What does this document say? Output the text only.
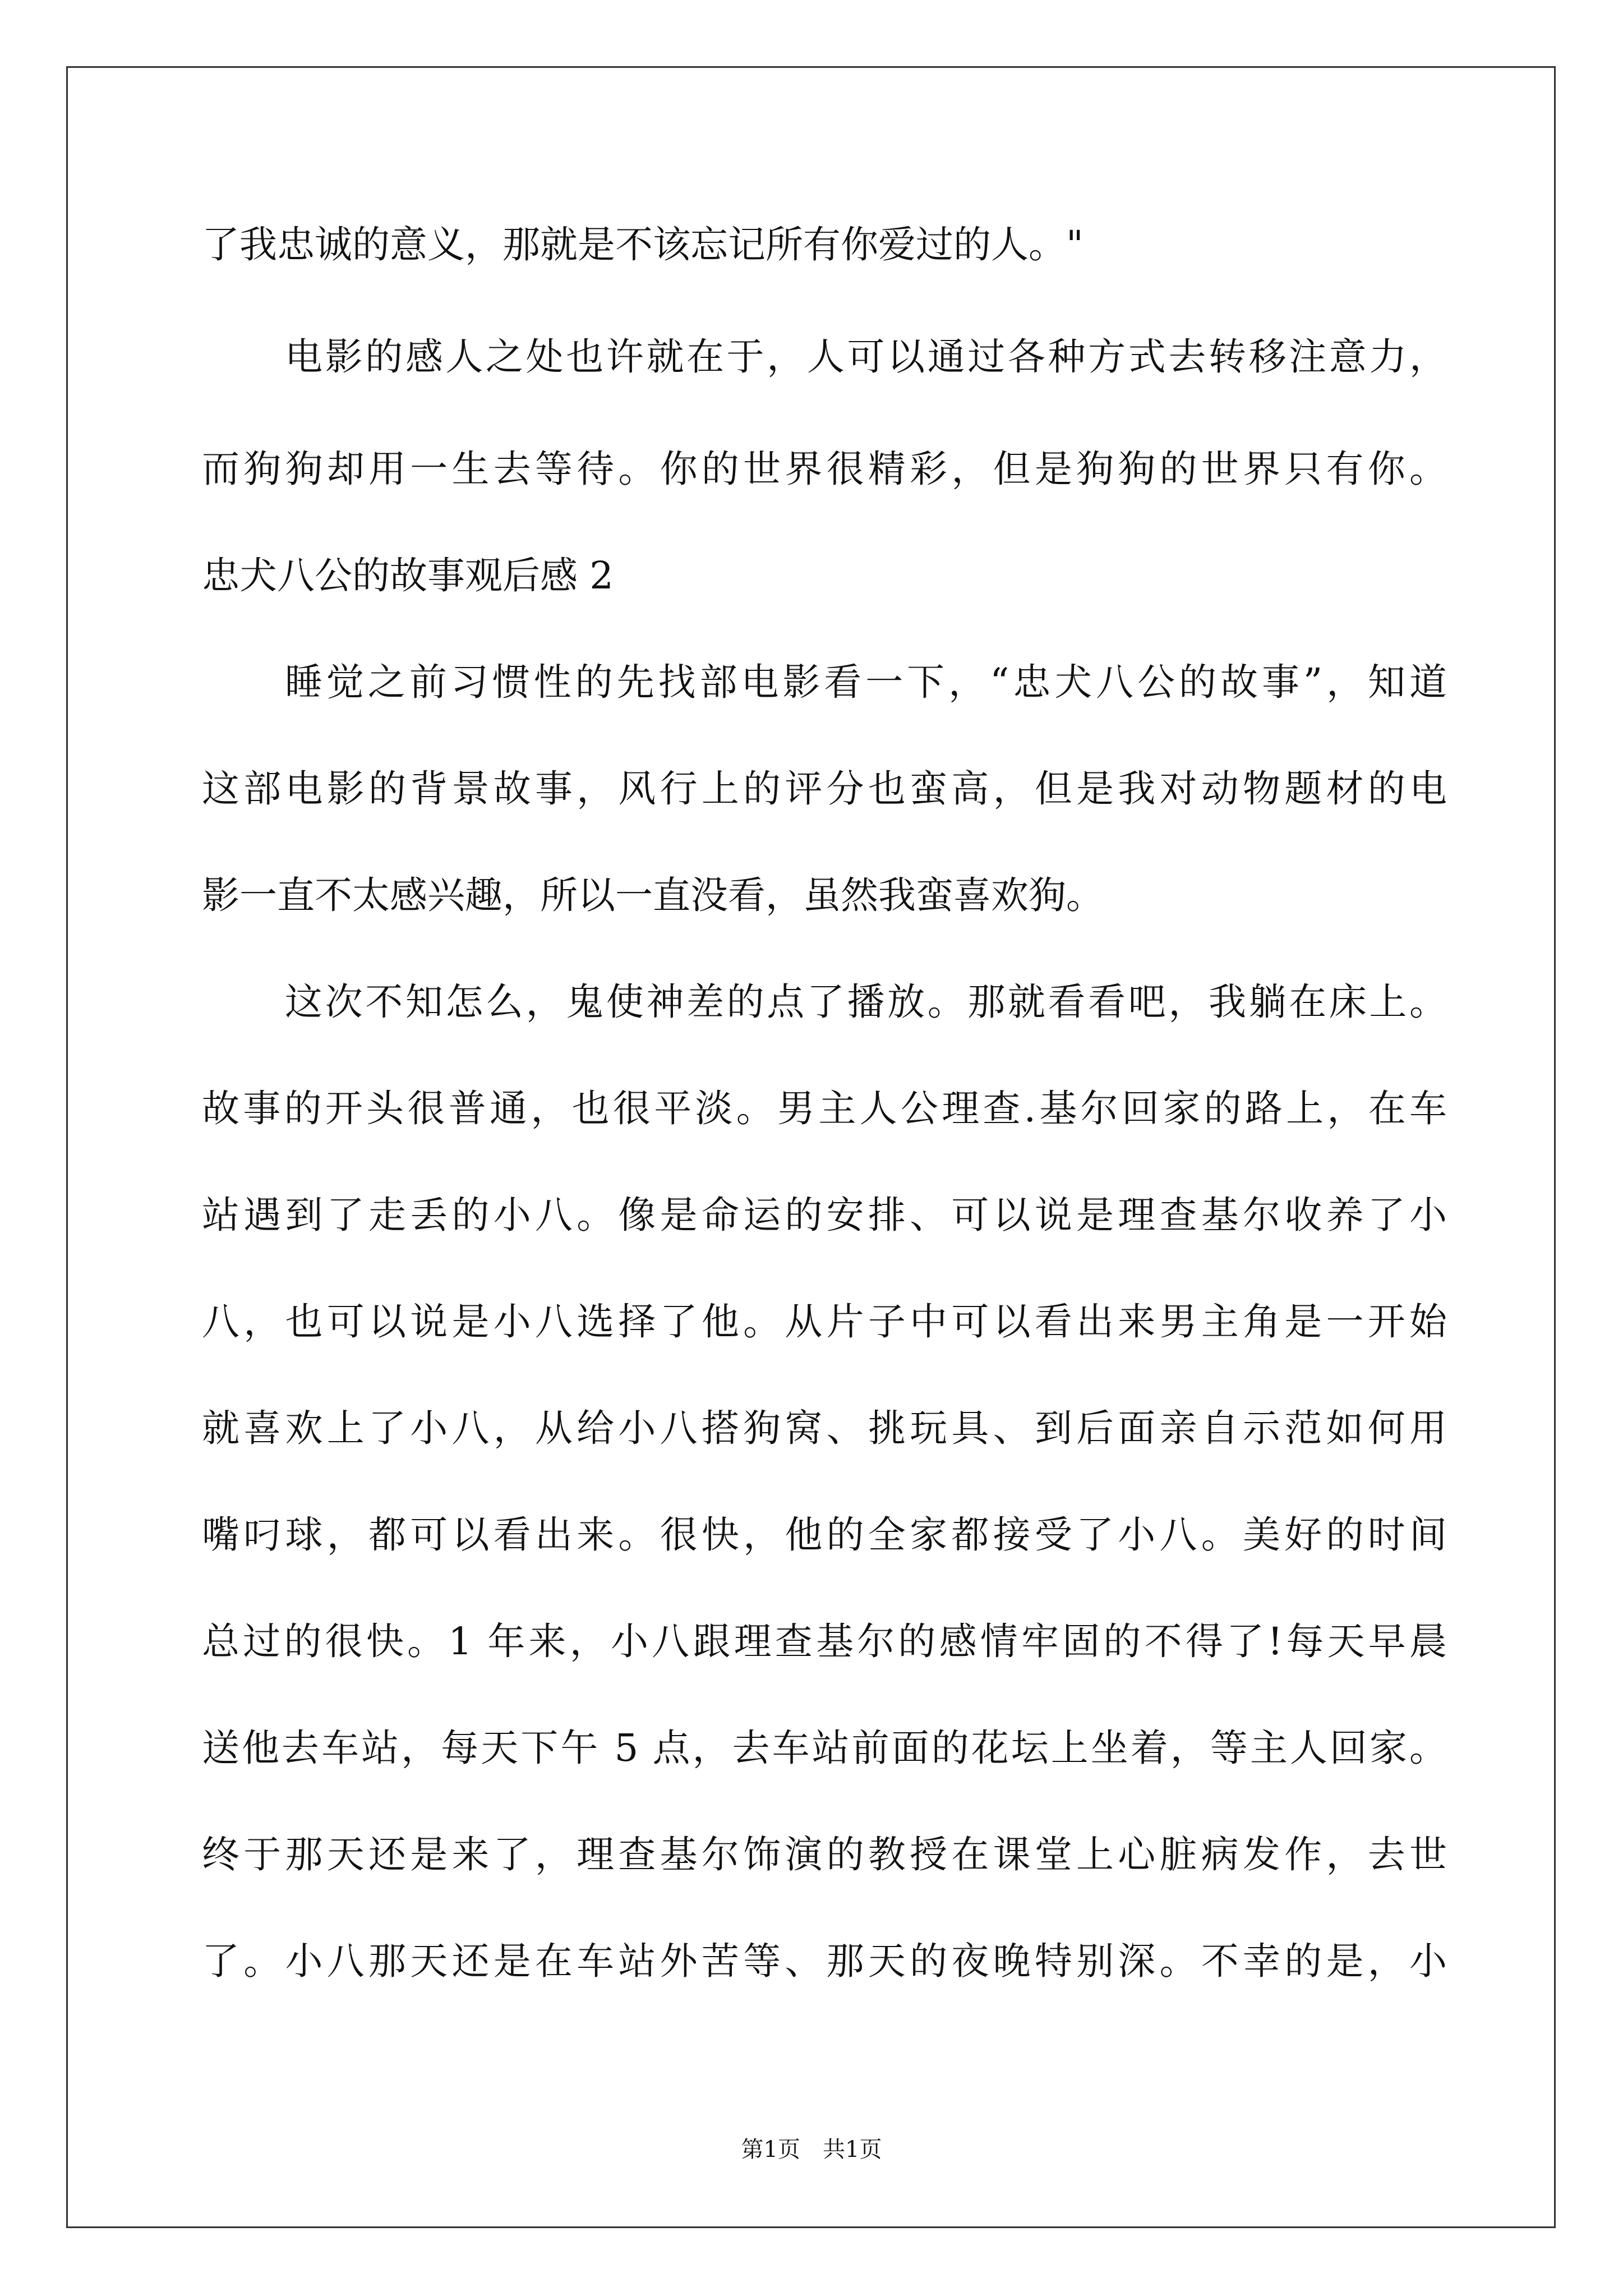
了我忠诚的意义，那就是不该忘记所有你爱过的人。"
电影的感人之处也许就在于，人可以通过各种方式去转移注意力，
而狗狗却用一生去等待。你的世界很精彩，但是狗狗的世界只有你。
忠犬八公的故事观后感 2
睡觉之前习惯性的先找部电影看一下，“忠犬八公的故事”，知道
这部电影的背景故事，风行上的评分也蛮高，但是我对动物题材的电
影一直不太感兴趣，所以一直没看，虽然我蛮喜欢狗。
这次不知怎么，鬼使神差的点了播放。那就看看吧，我躺在床上。
故事的开头很普通，也很平淡。男主人公理查.基尔回家的路上，在车
站遇到了走丢的小八。像是命运的安排、可以说是理查基尔收养了小
八，也可以说是小八选择了他。从片子中可以看出来男主角是一开始
就喜欢上了小八，从给小八搭狗窝、挑玩具、到后面亲自示范如何用
嘴叼球，都可以看出来。很快，他的全家都接受了小八。美好的时间
总过的很快。1 年来，小八跟理查基尔的感情牢固的不得了!每天早晨
送他去车站，每天下午 5 点，去车站前面的花坛上坐着，等主人回家。
终于那天还是来了，理查基尔饰演的教授在课堂上心脏病发作，去世
了。小八那天还是在车站外苦等、那天的夜晚特别深。不幸的是，小
第1页　共1页
